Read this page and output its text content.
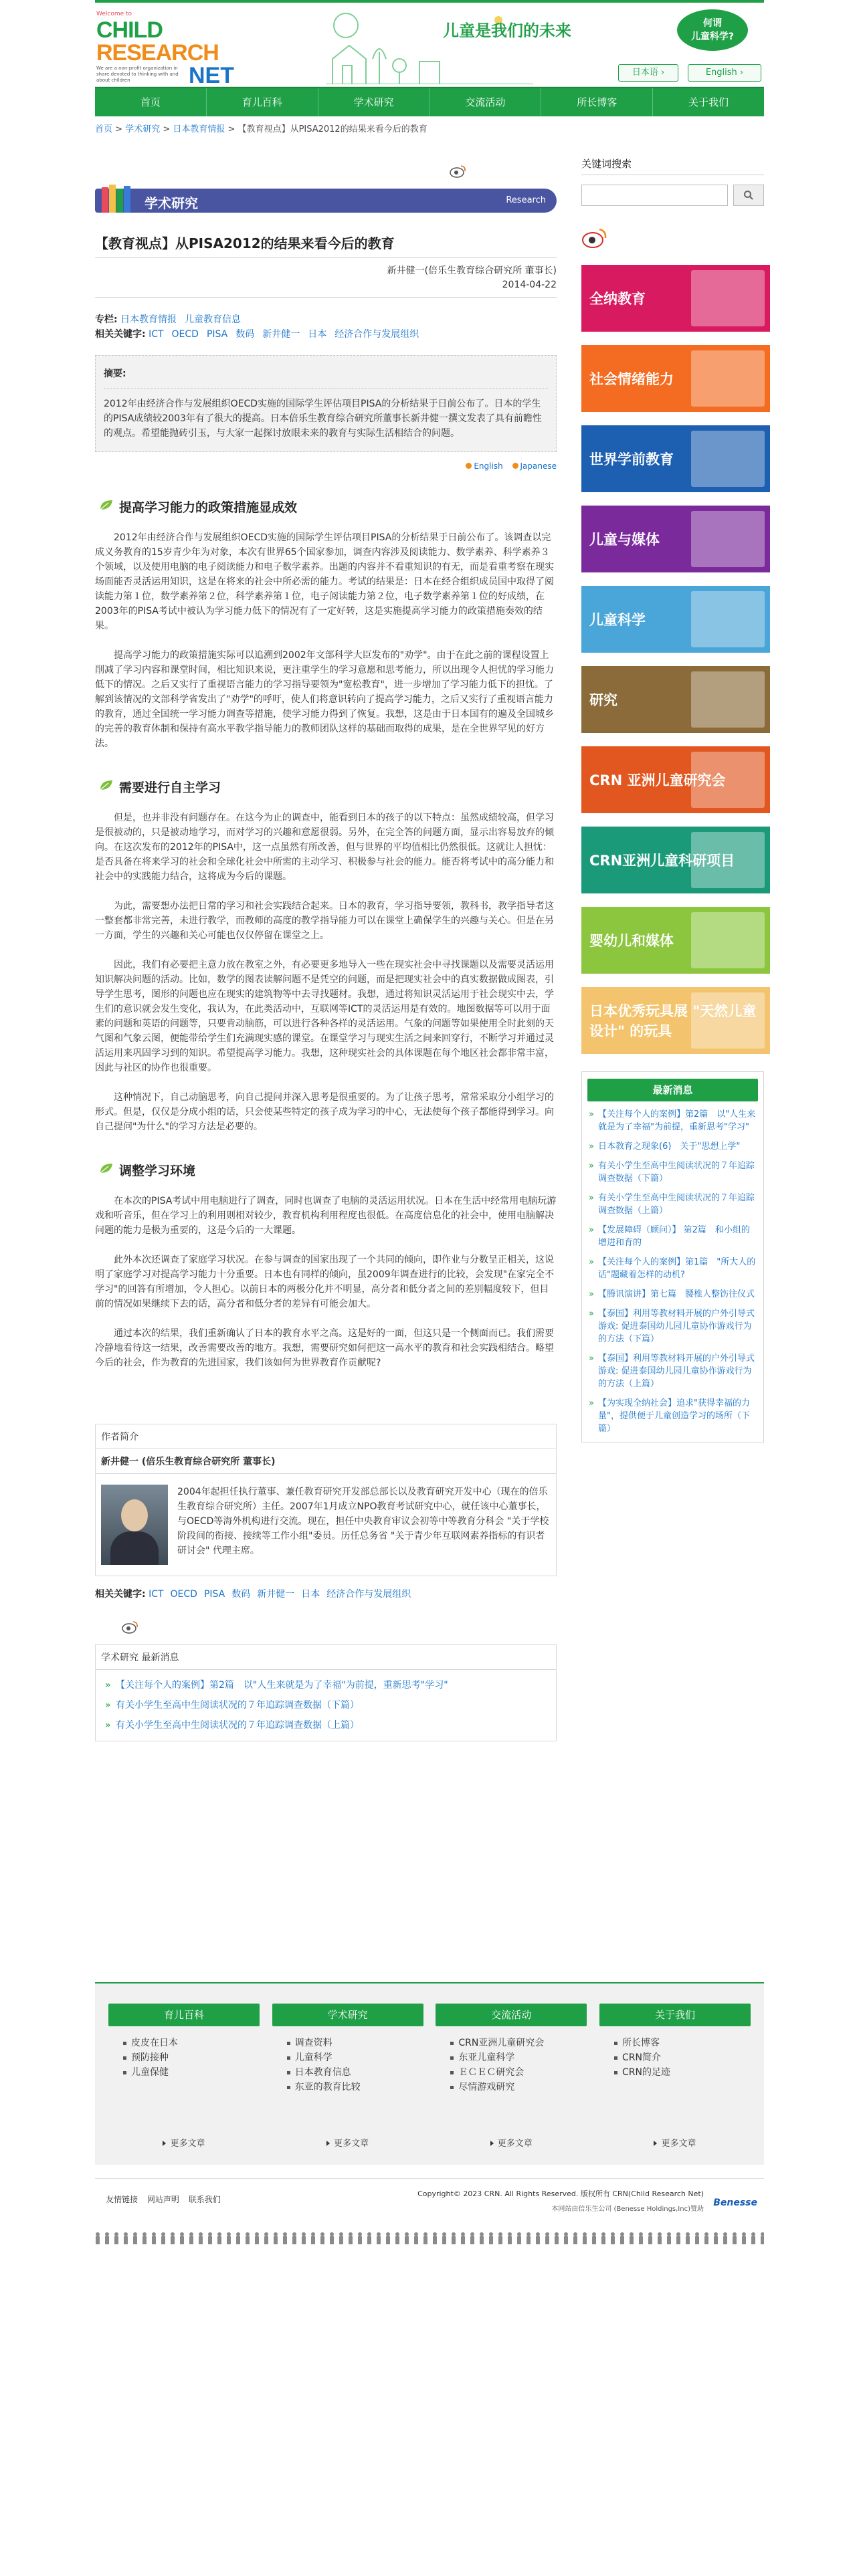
Welcome to
CHILD
RESEARCH
We are a non-profit organization in share devoted to thinking with and about children	NET
儿童是我们的未来	何谓
儿童科学?
日本语 ›	English ›
首页	育儿百科	学术研究	交流活动	所长博客	关于我们
首页 > 学术研究 > 日本教育情报 > 【教育视点】从PISA2012的结果来看今后的教育
学术研究	Research
【教育视点】从PISA2012的结果来看今后的教育
新井健一(倍乐生教育综合研究所 董事长)
2014-04-22
专栏: 日本教育情报 儿童教育信息
相关关键字: ICT OECD PISA 数码 新井健一 日本 经济合作与发展组织
摘要:
2012年由经济合作与发展组织OECD实施的国际学生评估项目PISA的分析结果于日前公布了。日本的学生的PISA成绩较2003年有了很大的提高。日本倍乐生教育综合研究所董事长新井健一撰文发表了具有前瞻性的观点。希望能抛砖引玉，与大家一起探讨放眼未来的教育与实际生活相结合的问题。
English Japanese
提高学习能力的政策措施显成效

2012年由经济合作与发展组织OECD实施的国际学生评估项目PISA的分析结果于日前公布了。该调查以完成义务教育的15岁青少年为对象，本次有世界65个国家参加，调查内容涉及阅读能力、数学素养、科学素养３个领域，以及使用电脑的电子阅读能力和电子数学素养。出题的内容并不看重知识的有无，而是看重考察在现实场面能否灵活运用知识，这是在将来的社会中所必需的能力。考试的结果是：日本在经合组织成员国中取得了阅读能力第１位，数学素养第２位，科学素养第１位，电子阅读能力第２位，电子数学素养第１位的好成绩，在2003年的PISA考试中被认为学习能力低下的情况有了一定好转，这是实施提高学习能力的政策措施奏效的结果。

提高学习能力的政策措施实际可以追溯到2002年文部科学大臣发布的"劝学"。由于在此之前的课程设置上削减了学习内容和课堂时间，相比知识来说，更注重学生的学习意愿和思考能力，所以出现令人担忧的学习能力低下的情况。之后又实行了重视语言能力的学习指导要领为"宽松教育"，进一步增加了学习能力低下的担忧。了解到该情况的文部科学省发出了"劝学"的呼吁，使人们将意识转向了提高学习能力，之后又实行了重视语言能力的教育，通过全国统一学习能力调查等措施，使学习能力得到了恢复。我想，这是由于日本国有的遍及全国城乡的完善的教育体制和保持有高水平教学指导能力的教师团队这样的基础而取得的成果，是在全世界罕见的好方法。

需要进行自主学习

但是，也并非没有问题存在。在这今为止的调查中，能看到日本的孩子的以下特点：虽然成绩较高，但学习是很被动的，只是被动地学习，而对学习的兴趣和意愿很弱。另外，在完全答的问题方面，显示出容易放弃的倾向。在这次发布的2012年的PISA中，这一点虽然有所改善，但与世界的平均值相比仍然很低。这就让人担忧：是否具备在将来学习的社会和全球化社会中所需的主动学习、积极参与社会的能力。能否将考试中的高分能力和社会中的实践能力结合，这将成为今后的课题。

为此，需要想办法把日常的学习和社会实践结合起来。日本的教育，学习指导要领，教科书，教学指导者这一整套都非常完善，未进行教学，而教师的高度的教学指导能力可以在课堂上确保学生的兴趣与关心。但是在另一方面，学生的兴趣和关心可能也仅仅停留在课堂之上。

因此，我们有必要把主意力放在教室之外，有必要更多地导入一些在现实社会中寻找课题以及需要灵活运用知识解决问题的活动。比如，数学的图表读解问题不是凭空的问题，而是把现实社会中的真实数据做成图表，引导学生思考，图形的问题也应在现实的建筑物等中去寻找题材。我想，通过将知识灵活运用于社会现实中去，学生们的意识就会发生变化，我认为，在此类活动中，互联网等ICT的灵活运用是有效的。地图数据等可以用于面素的问题和英语的问题等，只要肯动脑筋，可以进行各种各样的灵活运用。气象的问题等如果使用全时此刻的天气图和气象云图，便能带给学生们充满现实感的课堂。在课堂学习与现实生活之间来回穿行，不断学习并通过灵活运用来巩固学习到的知识。希望提高学习能力。我想，这种现实社会的具体课题在每个地区社会都非常丰富，因此与社区的协作也很重要。

这种情况下，自己动脑思考，向自己提问并深入思考是很重要的。为了让孩子思考，常常采取分小组学习的形式。但是，仅仅是分成小组的话，只会使某些特定的孩子成为学习的中心，无法使每个孩子都能得到学习。向自己提问"为什么"的学习方法是必要的。

调整学习环境

在本次的PISA考试中用电脑进行了调查，同时也调查了电脑的灵活运用状况。日本在生活中经常用电脑玩游戏和听音乐，但在学习上的利用则相对较少，教育机构利用程度也很低。在高度信息化的社会中，使用电脑解决问题的能力是极为重要的，这是今后的一大课题。

此外本次还调查了家庭学习状况。在参与调查的国家出现了一个共同的倾向，即作业与分数呈正相关，这说明了家庭学习对提高学习能力十分重要。日本也有同样的倾向，虽2009年调查进行的比较，会发现"在家完全不学习"的回答有所增加，令人担心。以前日本的两极分化并不明显，高分者和低分者之间的差别幅度较下，但目前的情况如果继续下去的话，高分者和低分者的差异有可能会加大。

通过本次的结果，我们重新确认了日本的教育水平之高。这是好的一面，但这只是一个侧面而已。我们需要冷静地看待这一结果，改善需要改善的地方。我想，需要研究如何把这一高水平的教育和社会实践相结合。略望今后的社会，作为教育的先进国家，我们该如何为世界教育作贡献呢?

作者简介
新井健一 (倍乐生教育综合研究所 董事长)
2004年起担任执行董事、兼任教育研究开发部总部长以及教育研究开发中心（现在的倍乐生教育综合研究所）主任。2007年1月成立NPO教育考试研究中心，就任该中心董事长，与OECD等海外机构进行交流。现在，担任中央教育审议会初等中等教育分科会 "关于学校阶段间的衔接、接续等工作小组"委员。历任总务省 "关于青少年互联网素养指标的有识者研讨会" 代理主席。
相关关键字: ICT OECD PISA 数码 新井健一 日本 经济合作与发展组织
学术研究 最新消息
» 【关注每个人的案例】第2篇　以"人生来就是为了幸福"为前提，重新思考"学习"
» 有关小学生至高中生阅读状况的７年追踪调查数据（下篇）
» 有关小学生至高中生阅读状况的７年追踪调查数据（上篇）
关键词搜索
全纳教育
社会情绪能力
世界学前教育
儿童与媒体
儿童科学
研究
CRN 亚洲儿童研究会
CRN亚洲儿童科研项目
婴幼儿和媒体
日本优秀玩具展 "天然儿童设计" 的玩具
最新消息
» 【关注每个人的案例】第2篇　以"人生来就是为了幸福"为前提，重新思考"学习"
» 日本教育之现象(6)　关于"思想上学"
» 有关小学生至高中生阅读状况的７年追踪调查数据（下篇）
» 有关小学生至高中生阅读状况的７年追踪调查数据（上篇）
» 【发展障碍（顾问）】 第2篇　和小组的增进和育的
» 【关注每个人的案例】第1篇　"所大人的话"题藏着怎样的动机?
» 【腾讯演讲】第七篇　腰椎人整饬往仪式
» 【泰国】利用等教材料开展的户外引导式游戏: 促进泰国幼儿园儿童协作游戏行为的方法（下篇）
» 【泰国】利用等教材料开展的户外引导式游戏: 促进泰国幼儿园儿童协作游戏行为的方法（上篇）
» 【为实现全纳社会】追求"获得幸福的力量"，提供便于儿童创造学习的场所（下篇）
育儿百科
皮皮在日本
预防接种
儿童保健
更多文章
学术研究
调查资料
儿童科学
日本教育信息
东亚的教育比较
更多文章
交流活动
CRN亚洲儿童研究会
东亚儿童科学
ＥＣＥＣ研究会
尽情游戏研究
更多文章
关于我们
所长博客
CRN简介
CRN的足迹
更多文章
友情链接 网站声明 联系我们
Copyright© 2023 CRN. All Rights Reserved. 版权所有 CRN(Child Research Net)
本网站由倍乐生公司 (Benesse Holdings,Inc)赞助
Benesse
